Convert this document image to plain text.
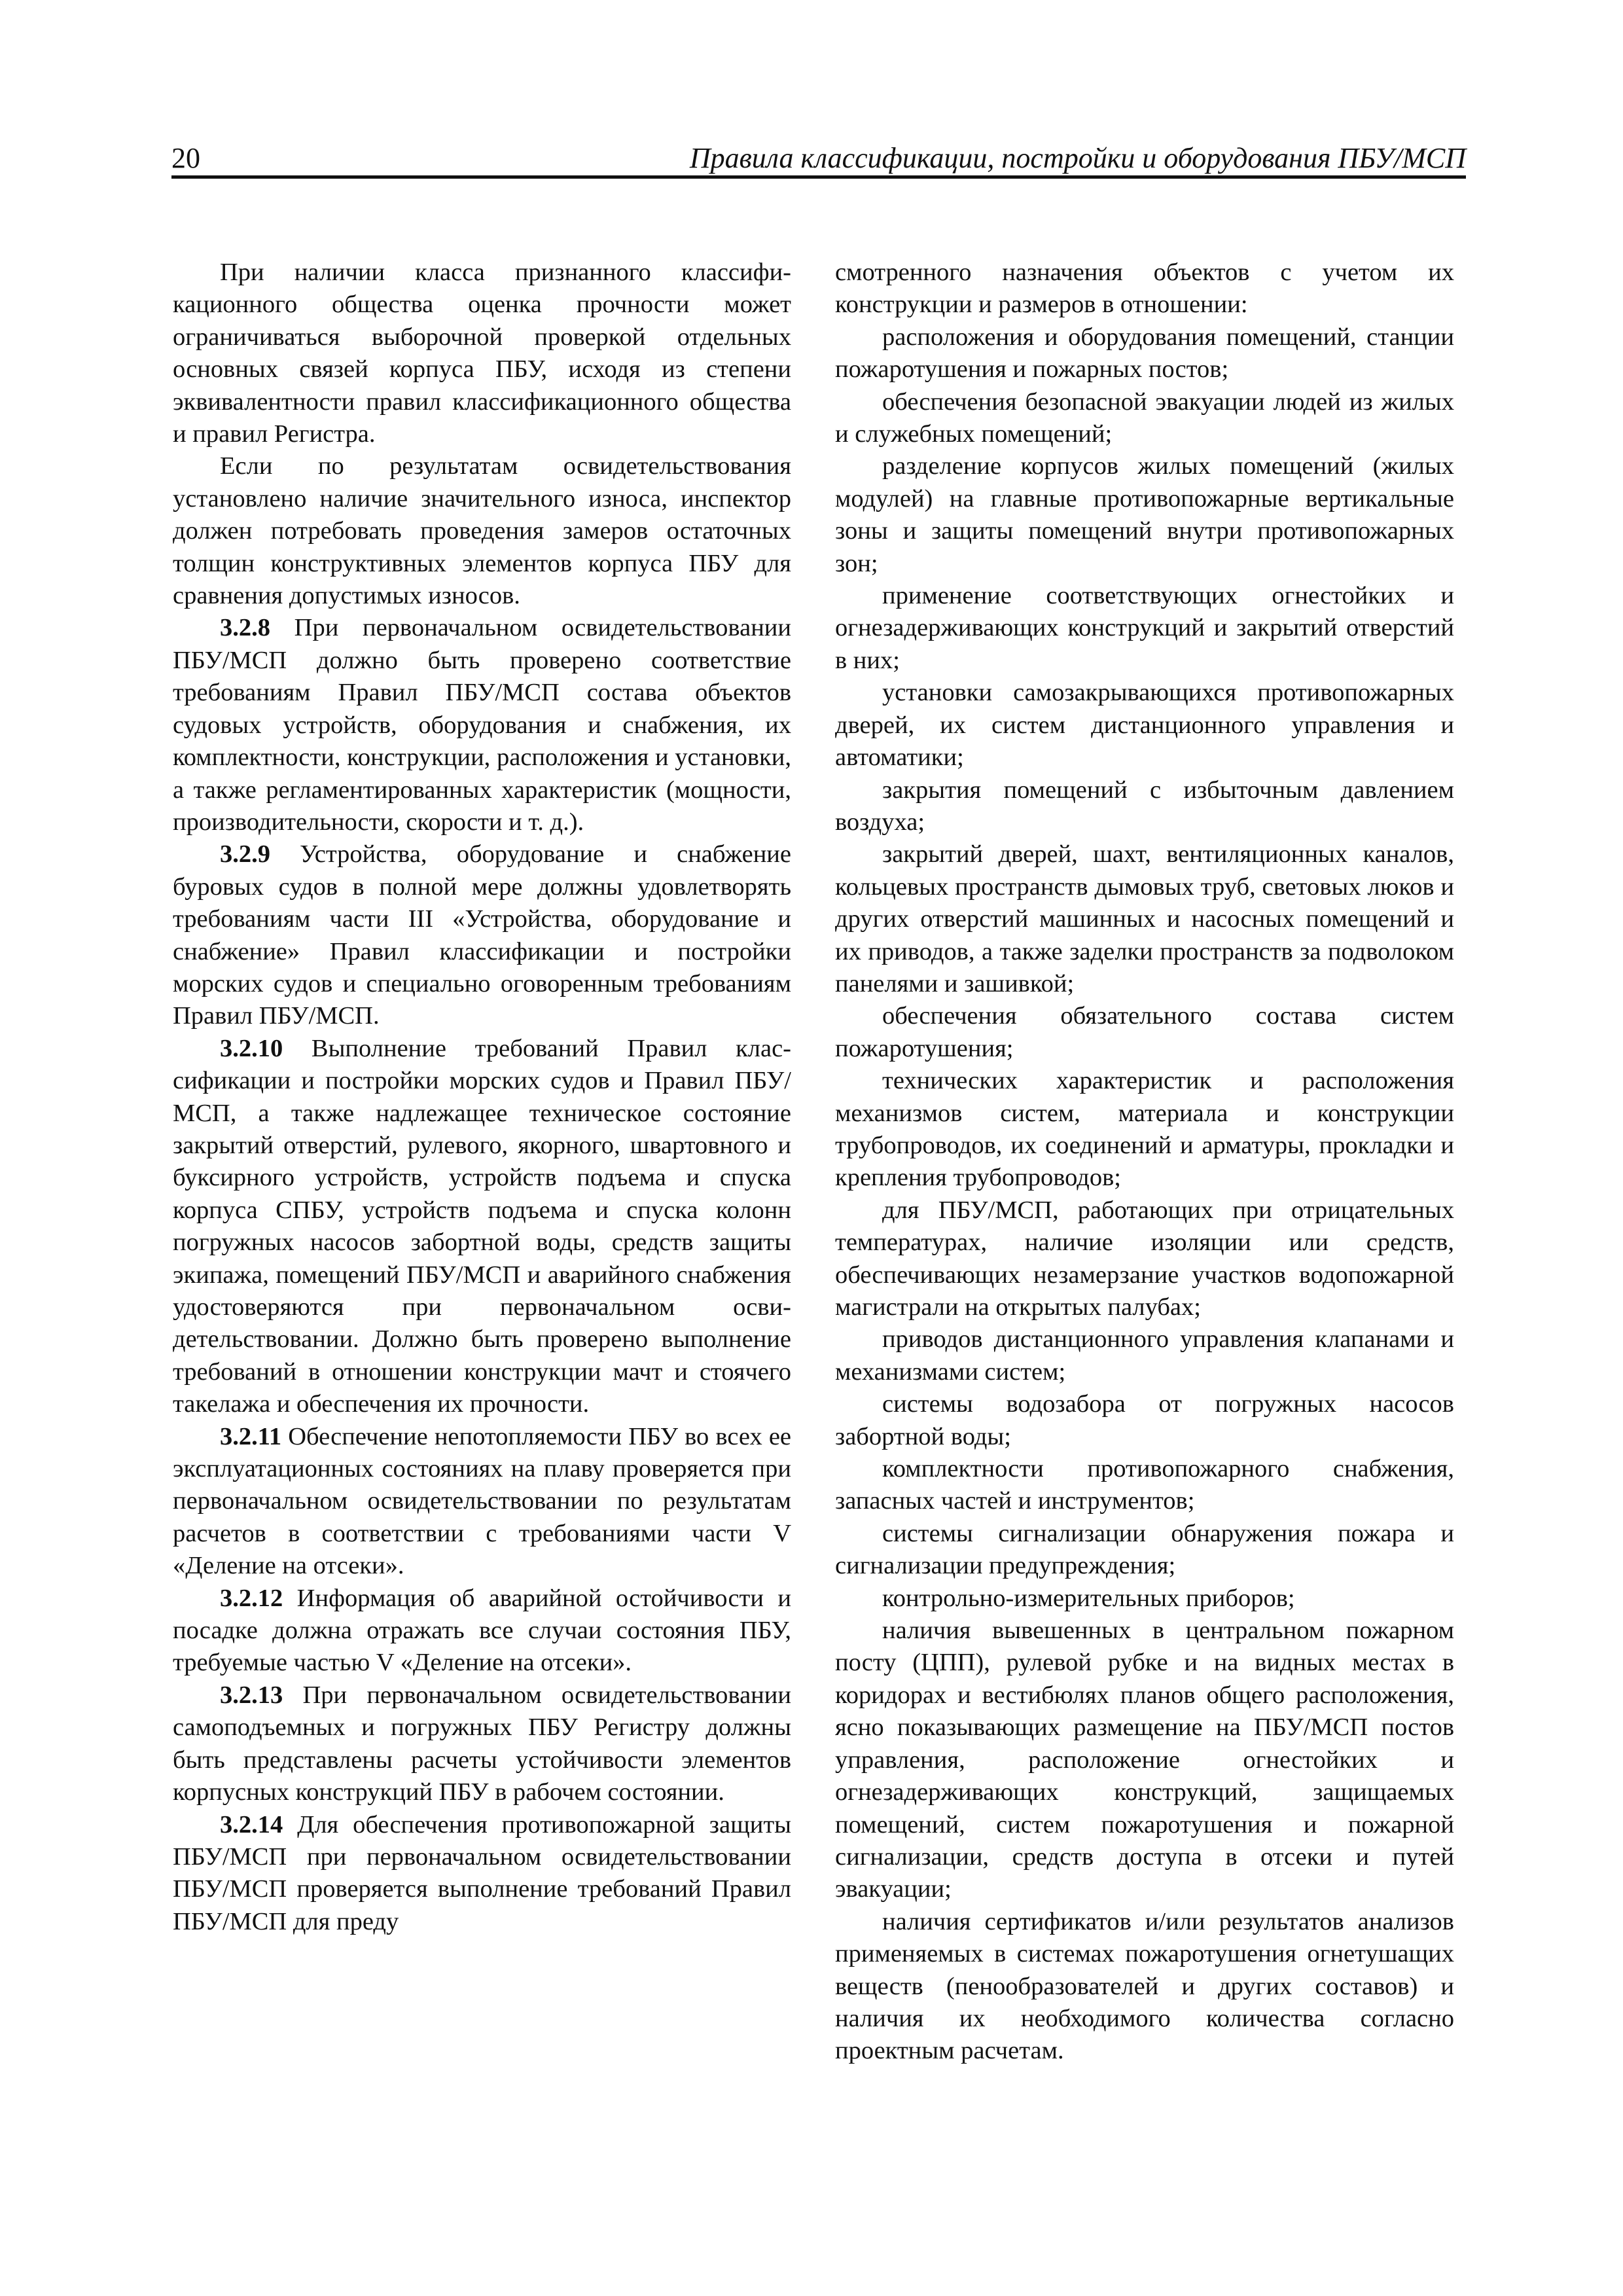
20	Правила классификации, постройки и оборудования ПБУ/МСП

При наличии класса признанного классификационного общества оценка прочности может ограничиваться выборочной проверкой отдельных основных связей корпуса ПБУ, исходя из степени эквивалентности правил классификационного общества и правил Регистра.

Если по результатам освидетельствования установлено наличие значительного износа, инспектор должен потребовать проведения замеров остаточных толщин конструктивных элементов корпуса ПБУ для сравнения допустимых износов.

3.2.8 При первоначальном освидетельствовании ПБУ/МСП должно быть проверено соответствие требованиям Правил ПБУ/МСП состава объектов судовых устройств, оборудования и снабжения, их комплектности, конструкции, расположения и установки, а также регламентированных характеристик (мощности, производительности, скорости и т. д.).

3.2.9 Устройства, оборудование и снабжение буровых судов в полной мере должны удовлетворять требованиям части III «Устройства, оборудование и снабжение» Правил классификации и постройки морских судов и специально оговоренным требованиям Правил ПБУ/МСП.

3.2.10 Выполнение требований Правил классификации и постройки морских судов и Правил ПБУ/МСП, а также надлежащее техническое состояние закрытий отверстий, рулевого, якорного, швартовного и буксирного устройств, устройств подъема и спуска корпуса СПБУ, устройств подъема и спуска колонн погружных насосов забортной воды, средств защиты экипажа, помещений ПБУ/МСП и аварийного снабжения удостоверяются при первоначальном освидетельствовании. Должно быть проверено выполнение требований в отношении конструкции мачт и стоячего такелажа и обеспечения их прочности.

3.2.11 Обеспечение непотопляемости ПБУ во всех ее эксплуатационных состояниях на плаву проверяется при первоначальном освидетельствовании по результатам расчетов в соответствии с требованиями части V «Деление на отсеки».

3.2.12 Информация об аварийной остойчивости и посадке должна отражать все случаи состояния ПБУ, требуемые частью V «Деление на отсеки».

3.2.13 При первоначальном освидетельствовании самоподъемных и погружных ПБУ Регистру должны быть представлены расчеты устойчивости элементов корпусных конструкций ПБУ в рабочем состоянии.

3.2.14 Для обеспечения противопожарной защиты ПБУ/МСП при первоначальном освидетельствовании ПБУ/МСП проверяется выполнение требований Правил ПБУ/МСП для преду

смотренного назначения объектов с учетом их конструкции и размеров в отношении:

расположения и оборудования помещений, станции пожаротушения и пожарных постов;

обеспечения безопасной эвакуации людей из жилых и служебных помещений;

разделение корпусов жилых помещений (жилых модулей) на главные противопожарные вертикальные зоны и защиты помещений внутри противопожарных зон;

применение соответствующих огнестойких и огнезадерживающих конструкций и закрытий отверстий в них;

установки самозакрывающихся противопожарных дверей, их систем дистанционного управления и автоматики;

закрытия помещений с избыточным давлением воздуха;

закрытий дверей, шахт, вентиляционных каналов, кольцевых пространств дымовых труб, световых люков и других отверстий машинных и насосных помещений и их приводов, а также заделки пространств за подволоком панелями и зашивкой;

обеспечения обязательного состава систем пожаротушения;

технических характеристик и расположения механизмов систем, материала и конструкции трубопроводов, их соединений и арматуры, прокладки и крепления трубопроводов;

для ПБУ/МСП, работающих при отрицательных температурах, наличие изоляции или средств, обеспечивающих незамерзание участков водопожарной магистрали на открытых палубах;

приводов дистанционного управления клапанами и механизмами систем;

системы водозабора от погружных насосов забортной воды;

комплектности противопожарного снабжения, запасных частей и инструментов;

системы сигнализации обнаружения пожара и сигнализации предупреждения;

контрольно-измерительных приборов;

наличия вывешенных в центральном пожарном посту (ЦПП), рулевой рубке и на видных местах в коридорах и вестибюлях планов общего расположения, ясно показывающих размещение на ПБУ/МСП постов управления, расположение огнестойких и огнезадерживающих конструкций, защищаемых помещений, систем пожаротушения и пожарной сигнализации, средств доступа в отсеки и путей эвакуации;

наличия сертификатов и/или результатов анализов применяемых в системах пожаротушения огнетушащих веществ (пенообразователей и других составов) и наличия их необходимого количества согласно проектным расчетам.
